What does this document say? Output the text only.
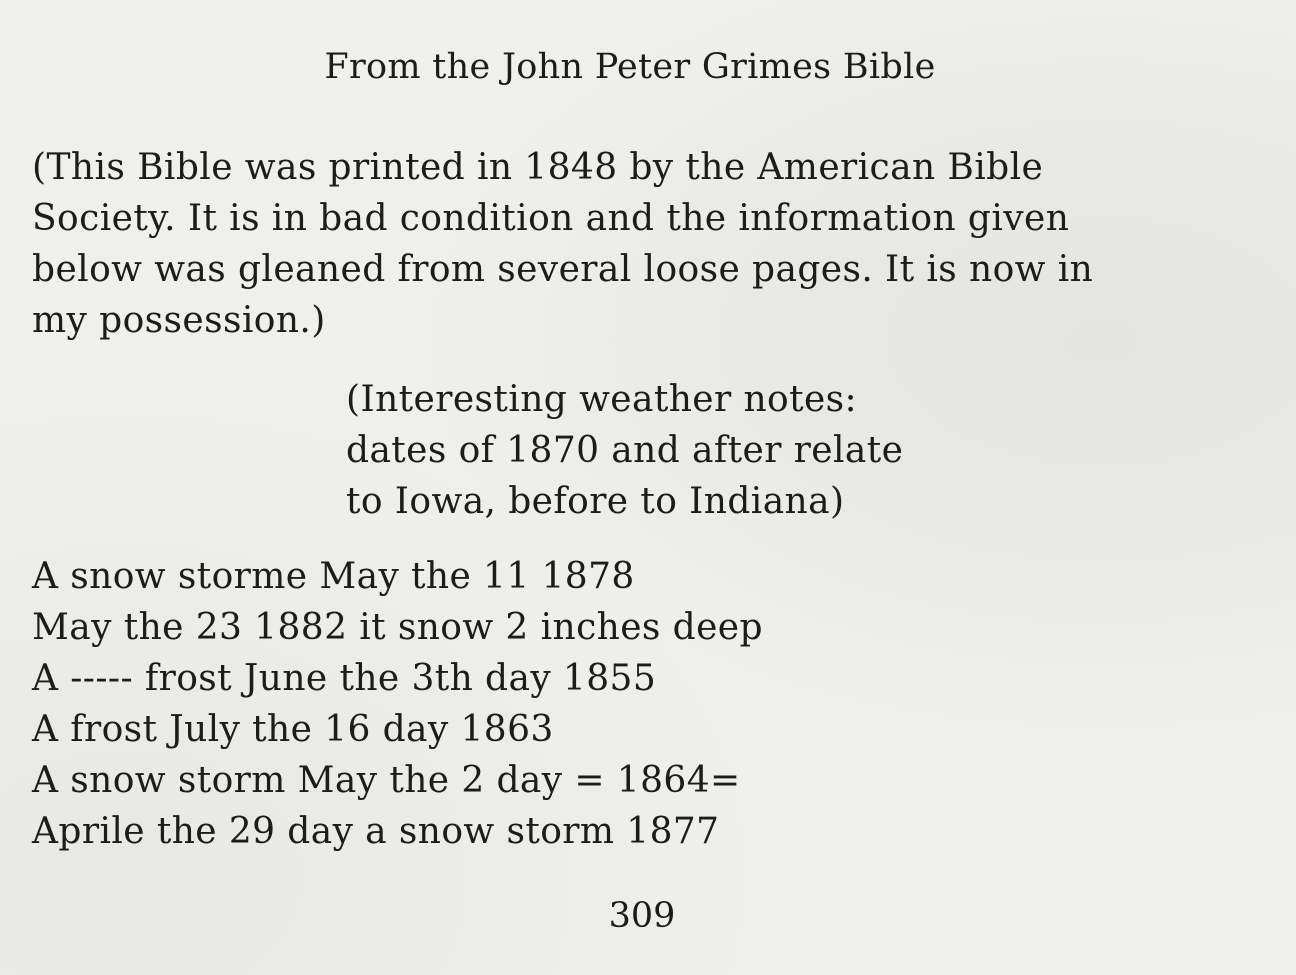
From the John Peter Grimes Bible
(This Bible was printed in 1848 by the American Bible
Society. It is in bad condition and the information given
below was gleaned from several loose pages. It is now in
my possession.)
(Interesting weather notes:
dates of 1870 and after relate
to Iowa, before to Indiana)
A snow storme May the 11 1878
May the 23 1882 it snow 2 inches deep
A ----- frost June the 3th day 1855
A frost July the 16 day 1863
A snow storm May the 2 day = 1864=
Aprile the 29 day a snow storm 1877
309
